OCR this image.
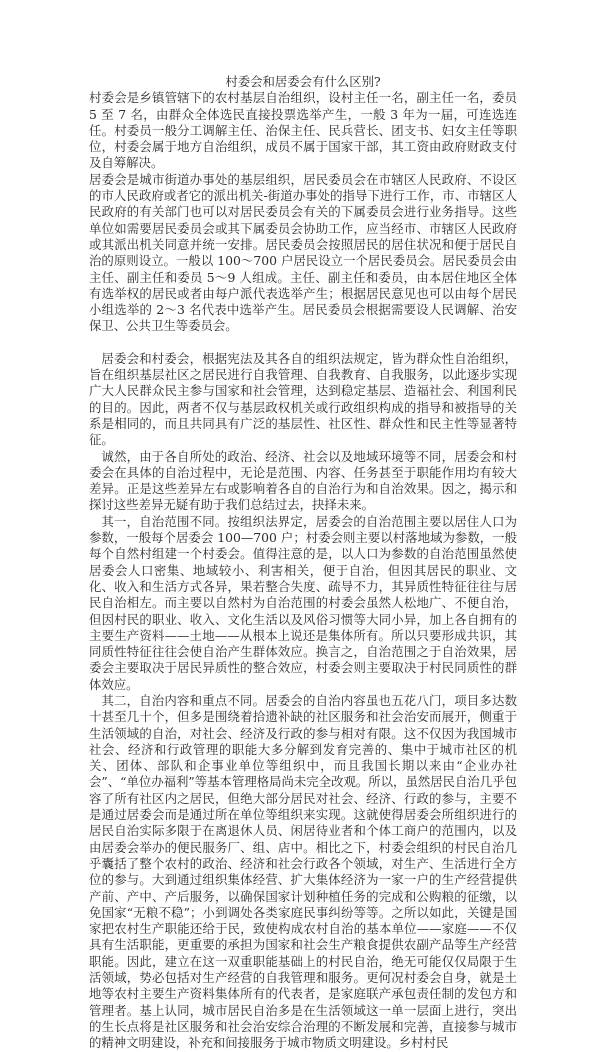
村委会和居委会有什么区别?

村委会是乡镇管辖下的农村基层自治组织，设村主任一名，副主任一名，委员 5 至 7 名，由群众全体选民直接投票选举产生，一般 3 年为一届，可连选连任。村委员一般分工调解主任、治保主任、民兵营长、团支书、妇女主任等职位，村委会属于地方自治组织，成员不属于国家干部，其工资由政府财政支付及自筹解决。

居委会是城市街道办事处的基层组织，居民委员会在市辖区人民政府、不设区的市人民政府或者它的派出机关-街道办事处的指导下进行工作，市、市辖区人民政府的有关部门也可以对居民委员会有关的下属委员会进行业务指导。这些单位如需要居民委员会或其下属委员会协助工作，应当经市、市辖区人民政府或其派出机关同意并统一安排。居民委员会按照居民的居住状况和便于居民自治的原则设立。一般以 100～700 户居民设立一个居民委员会。居民委员会由主任、副主任和委员 5～9 人组成。主任、副主任和委员，由本居住地区全体有选举权的居民或者由每户派代表选举产生；根据居民意见也可以由每个居民小组选举的 2～3 名代表中选举产生。居民委员会根据需要设人民调解、治安保卫、公共卫生等委员会。

居委会和村委会，根据宪法及其各自的组织法规定，皆为群众性自治组织，旨在组织基层社区之居民进行自我管理、自我教育、自我服务，以此逐步实现广大人民群众民主参与国家和社会管理，达到稳定基层、造福社会、利国利民的目的。因此，两者不仅与基层政权机关或行政组织构成的指导和被指导的关系是相同的，而且共同具有广泛的基层性、社区性、群众性和民主性等显著特征。

诚然，由于各自所处的政治、经济、社会以及地域环境等不同，居委会和村委会在具体的自治过程中，无论是范围、内容、任务甚至于职能作用均有较大差异。正是这些差异左右或影响着各自的自治行为和自治效果。因之，揭示和探讨这些差异无疑有助于我们总结过去，抉择未来。

其一，自治范围不同。按组织法界定，居委会的自治范围主要以居住人口为参数，一般每个居委会 100—700 户；村委会则主要以村落地域为参数，一般每个自然村组建一个村委会。值得注意的是，以人口为参数的自治范围虽然使居委会人口密集、地域较小、利害相关，便于自治，但因其居民的职业、文化、收入和生活方式各异，果若整合失度、疏导不力，其异质性特征往往与居民自治相左。而主要以自然村为自治范围的村委会虽然人松地广、不便自治，但因村民的职业、收入、文化生活以及风俗习惯等大同小异，加上各自拥有的主要生产资料——土地——从根本上说还是集体所有。所以只要形成共识，其同质性特征往往会使自治产生群体效应。换言之，自治范围之于自治效果，居委会主要取决于居民异质性的整合效应，村委会则主要取决于村民同质性的群体效应。

其二，自治内容和重点不同。居委会的自治内容虽也五花八门，项目多达数十甚至几十个，但多是围绕着拾遗补缺的社区服务和社会治安而展开，侧重于生活领域的自治，对社会、经济及行政的参与相对有限。这不仅因为我国城市社会、经济和行政管理的职能大多分解到发育完善的、集中于城市社区的机关、团体、部队和企事业单位等组织中，而且我国长期以来由“企业办社会”、“单位办福利”等基本管理格局尚未完全改观。所以，虽然居民自治几乎包容了所有社区内之居民，但绝大部分居民对社会、经济、行政的参与，主要不是通过居委会而是通过所在单位等组织来实现。这就使得居委会所组织进行的居民自治实际多限于在离退休人员、闲居待业者和个体工商户的范围内，以及由居委会举办的便民服务厂、组、店中。相比之下，村委会组织的村民自治几乎囊括了整个农村的政治、经济和社会行政各个领域，对生产、生活进行全方位的参与。大到通过组织集体经营、扩大集体经济为一家一户的生产经营提供产前、产中、产后服务，以确保国家计划种植任务的完成和公购粮的征缴，以免国家“无粮不稳”；小到调处各类家庭民事纠纷等等。之所以如此，关键是国家把农村生产职能还给于民，致使构成农村自治的基本单位——家庭——不仅具有生活职能，更重要的承担为国家和社会生产粮食提供农副产品等生产经营职能。因此，建立在这一双重职能基础上的村民自治，绝无可能仅仅局限于生活领域，势必包括对生产经营的自我管理和服务。更何况村委会自身，就是土地等农村主要生产资料集体所有的代表者，是家庭联产承包责任制的发包方和管理者。基上认同，城市居民自治多是在生活领域这一单一层面上进行，突出的生长点将是社区服务和社会治安综合治理的不断发展和完善，直接参与城市的精神文明建设，补充和间接服务于城市物质文明建设。乡村村民
